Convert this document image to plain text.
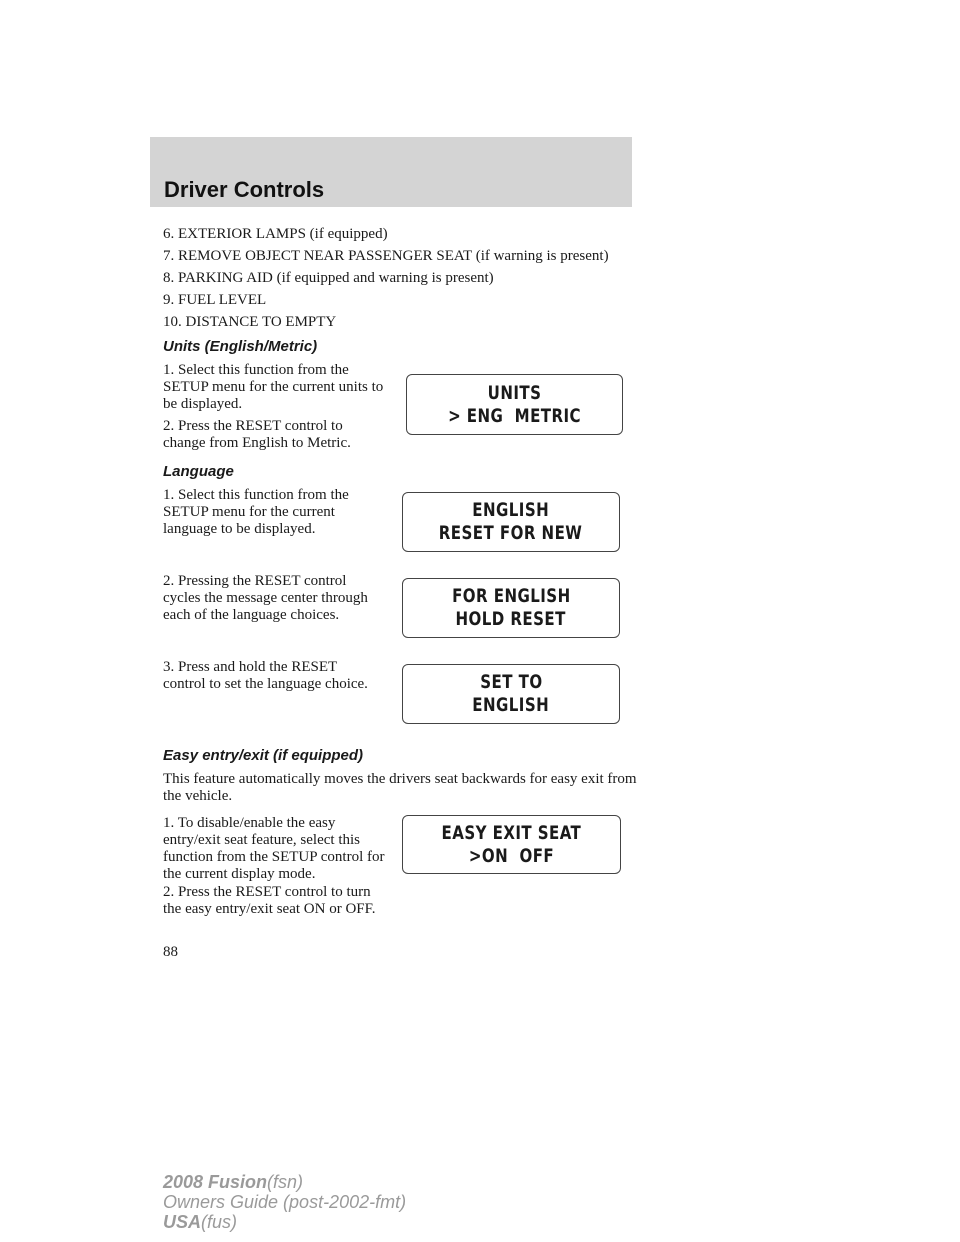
Driver Controls
6. EXTERIOR LAMPS (if equipped)
7. REMOVE OBJECT NEAR PASSENGER SEAT (if warning is present)
8. PARKING AID (if equipped and warning is present)
9. FUEL LEVEL
10. DISTANCE TO EMPTY
Units (English/Metric)
1. Select this function from the SETUP menu for the current units to be displayed.
2. Press the RESET control to change from English to Metric.
UNITS
> ENG  METRIC
Language
1. Select this function from the SETUP menu for the current language to be displayed.
2. Pressing the RESET control cycles the message center through each of the language choices.
3. Press and hold the RESET control to set the language choice.
ENGLISH
RESET FOR NEW
FOR ENGLISH
HOLD RESET
SET TO
ENGLISH
Easy entry/exit (if equipped)
This feature automatically moves the drivers seat backwards for easy exit from the vehicle.
1. To disable/enable the easy entry/exit seat feature, select this function from the SETUP control for the current display mode.
2. Press the RESET control to turn the easy entry/exit seat ON or OFF.
EASY EXIT SEAT
>ON  OFF
88
2008 Fusion(fsn)
Owners Guide (post-2002-fmt)
USA(fus)
